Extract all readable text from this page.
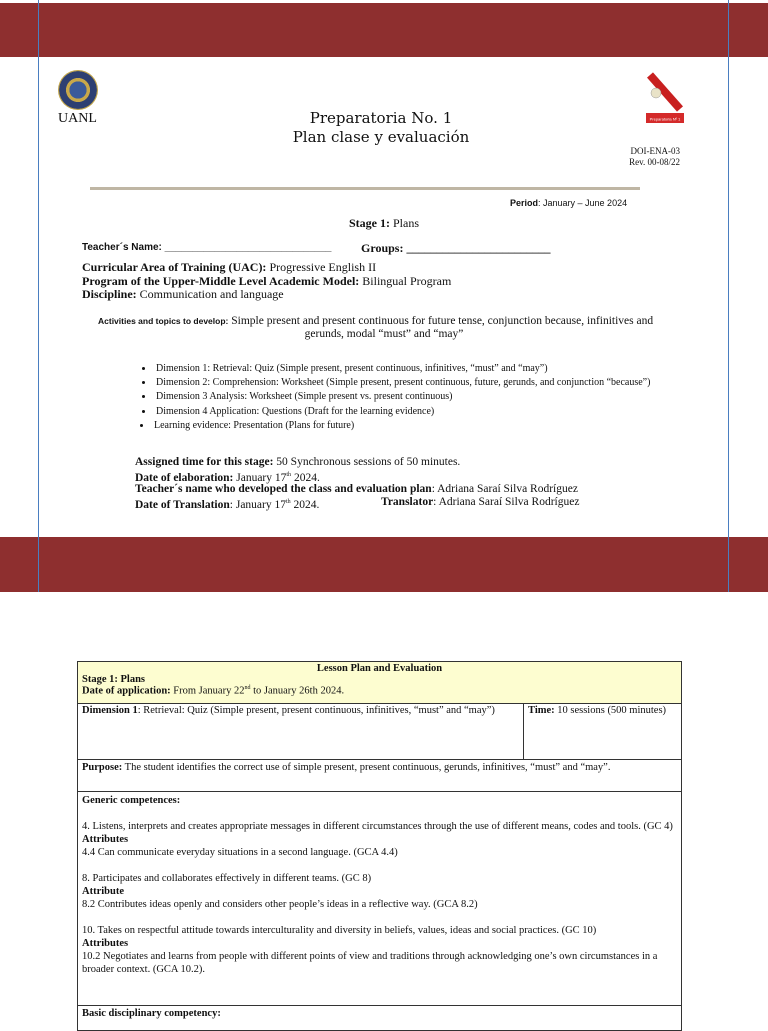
UANL	Preparatoria Nº 1
Preparatoria No. 1
Plan clase y evaluación
DOI-ENA-03
Rev. 00-08/22
Period: January – June 2024
Stage 1: Plans
Teacher´s Name: ______________________________ Groups: ________________________
Curricular Area of Training (UAC): Progressive English II
Program of the Upper-Middle Level Academic Model: Bilingual Program
Discipline: Communication and language
Activities and topics to develop: Simple present and present continuous for future tense, conjunction because, infinitives and
gerunds, modal “must” and “may”
• Dimension 1: Retrieval: Quiz (Simple present, present continuous, infinitives, “must” and “may”)
• Dimension 2: Comprehension: Worksheet (Simple present, present continuous, future, gerunds, and conjunction “because”)
• Dimension 3 Analysis: Worksheet (Simple present vs. present continuous)
• Dimension 4 Application: Questions (Draft for the learning evidence)
• Learning evidence: Presentation (Plans for future)
Assigned time for this stage: 50 Synchronous sessions of 50 minutes.
Date of elaboration: January 17th 2024.
Teacher´s name who developed the class and evaluation plan: Adriana Saraí Silva Rodríguez
Date of Translation: January 17th 2024.	Translator: Adriana Saraí Silva Rodríguez
Lesson Plan and Evaluation
Stage 1: Plans
Date of application: From January 22nd to January 26th 2024.
Dimension 1: Retrieval: Quiz (Simple present, present continuous, infinitives, “must” and “may”)	Time: 10 sessions (500 minutes)
Purpose: The student identifies the correct use of simple present, present continuous, gerunds, infinitives, “must” and “may”.

Generic competences:

4. Listens, interprets and creates appropriate messages in different circumstances through the use of different means, codes and tools. (GC 4)

Attributes

4.4 Can communicate everyday situations in a second language. (GCA 4.4)

8. Participates and collaborates effectively in different teams. (GC 8)

Attribute

8.2 Contributes ideas openly and considers other people’s ideas in a reflective way. (GCA 8.2)

10. Takes on respectful attitude towards interculturality and diversity in beliefs, values, ideas and social practices. (GC 10)

Attributes

10.2 Negotiates and learns from people with different points of view and traditions through acknowledging one’s own circumstances in a broader context. (GCA 10.2).

Basic disciplinary competency:
